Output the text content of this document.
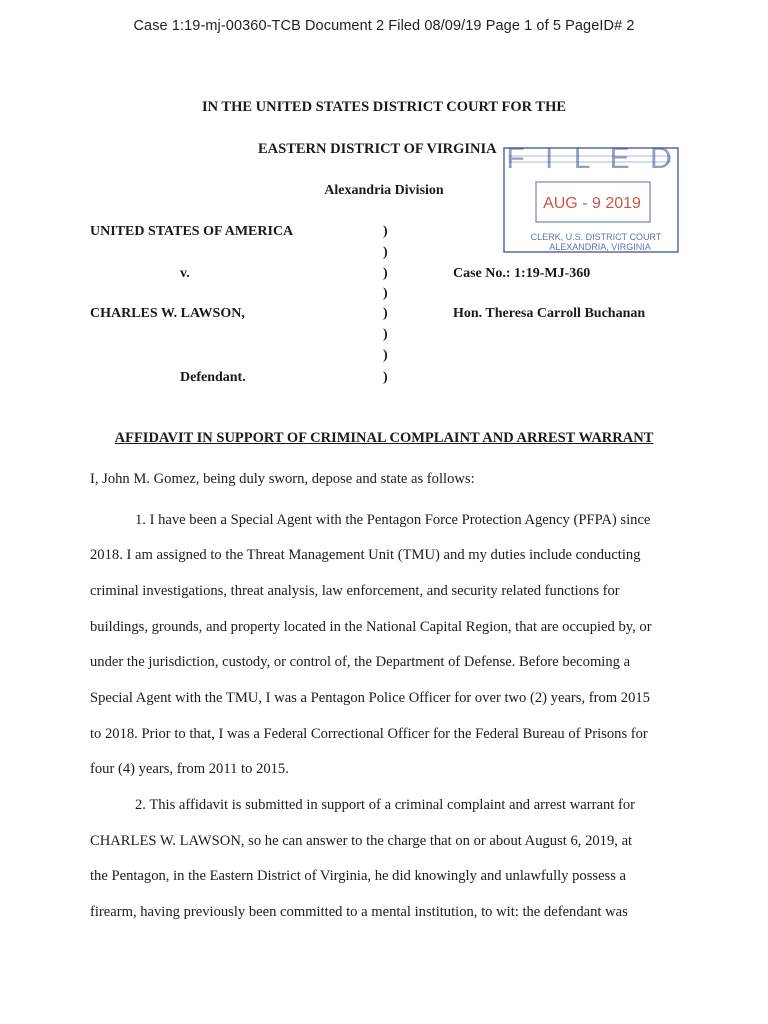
Case 1:19-mj-00360-TCB Document 2 Filed 08/09/19 Page 1 of 5 PageID# 2
IN THE UNITED STATES DISTRICT COURT FOR THE
EASTERN DISTRICT OF VIRGINIA
Alexandria Division
F I L E D
AUG - 9 2019
CLERK, U.S. DISTRICT COURT
ALEXANDRIA, VIRGINIA
UNITED STATES OF AMERICA
v.
CHARLES W. LAWSON,
Defendant.
)
)
)
)
)
)
)
)
Case No.: 1:19-MJ-360
Hon. Theresa Carroll Buchanan
AFFIDAVIT IN SUPPORT OF CRIMINAL COMPLAINT AND ARREST WARRANT
I, John M. Gomez, being duly sworn, depose and state as follows:
1. I have been a Special Agent with the Pentagon Force Protection Agency (PFPA) since
2018. I am assigned to the Threat Management Unit (TMU) and my duties include conducting
criminal investigations, threat analysis, law enforcement, and security related functions for
buildings, grounds, and property located in the National Capital Region, that are occupied by, or
under the jurisdiction, custody, or control of, the Department of Defense. Before becoming a
Special Agent with the TMU, I was a Pentagon Police Officer for over two (2) years, from 2015
to 2018. Prior to that, I was a Federal Correctional Officer for the Federal Bureau of Prisons for
four (4) years, from 2011 to 2015.
2. This affidavit is submitted in support of a criminal complaint and arrest warrant for
CHARLES W. LAWSON, so he can answer to the charge that on or about August 6, 2019, at
the Pentagon, in the Eastern District of Virginia, he did knowingly and unlawfully possess a
firearm, having previously been committed to a mental institution, to wit: the defendant was
